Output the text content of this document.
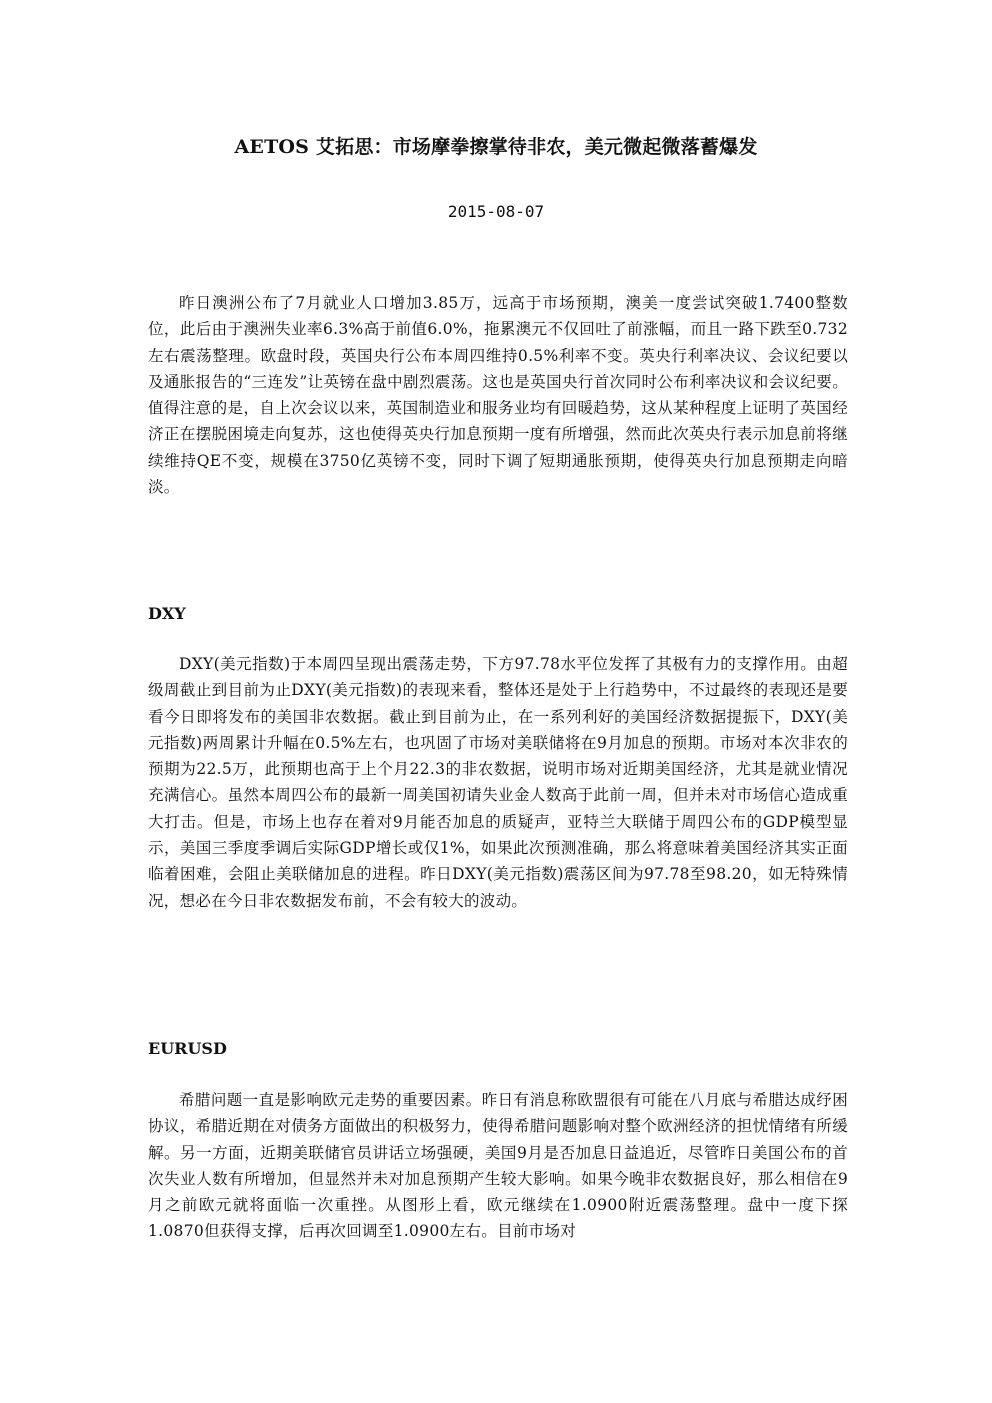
AETOS 艾拓思：市场摩拳擦掌待非农，美元微起微落蓄爆发
2015-08-07

昨日澳洲公布了7月就业人口增加3.85万，远高于市场预期，澳美一度尝试突破1.7400整数位，此后由于澳洲失业率6.3%高于前值6.0%，拖累澳元不仅回吐了前涨幅，而且一路下跌至0.732左右震荡整理。欧盘时段，英国央行公布本周四维持0.5%利率不变。英央行利率决议、会议纪要以及通胀报告的“三连发”让英镑在盘中剧烈震荡。这也是英国央行首次同时公布利率决议和会议纪要。值得注意的是，自上次会议以来，英国制造业和服务业均有回暖趋势，这从某种程度上证明了英国经济正在摆脱困境走向复苏，这也使得英央行加息预期一度有所增强，然而此次英央行表示加息前将继续维持QE不变，规模在3750亿英镑不变，同时下调了短期通胀预期，使得英央行加息预期走向暗淡。

DXY

DXY(美元指数)于本周四呈现出震荡走势，下方97.78水平位发挥了其极有力的支撑作用。由超级周截止到目前为止DXY(美元指数)的表现来看，整体还是处于上行趋势中，不过最终的表现还是要看今日即将发布的美国非农数据。截止到目前为止，在一系列利好的美国经济数据提振下，DXY(美元指数)两周累计升幅在0.5%左右，也巩固了市场对美联储将在9月加息的预期。市场对本次非农的预期为22.5万，此预期也高于上个月22.3的非农数据，说明市场对近期美国经济，尤其是就业情况充满信心。虽然本周四公布的最新一周美国初请失业金人数高于此前一周，但并未对市场信心造成重大打击。但是，市场上也存在着对9月能否加息的质疑声，亚特兰大联储于周四公布的GDP模型显示，美国三季度季调后实际GDP增长或仅1%，如果此次预测准确，那么将意味着美国经济其实正面临着困难，会阻止美联储加息的进程。昨日DXY(美元指数)震荡区间为97.78至98.20，如无特殊情况，想必在今日非农数据发布前，不会有较大的波动。

EURUSD

希腊问题一直是影响欧元走势的重要因素。昨日有消息称欧盟很有可能在八月底与希腊达成纾困协议，希腊近期在对债务方面做出的积极努力，使得希腊问题影响对整个欧洲经济的担忧情绪有所缓解。另一方面，近期美联储官员讲话立场强硬，美国9月是否加息日益追近，尽管昨日美国公布的首次失业人数有所增加，但显然并未对加息预期产生较大影响。如果今晚非农数据良好，那么相信在9月之前欧元就将面临一次重挫。从图形上看，欧元继续在1.0900附近震荡整理。盘中一度下探1.0870但获得支撑，后再次回调至1.0900左右。目前市场对
